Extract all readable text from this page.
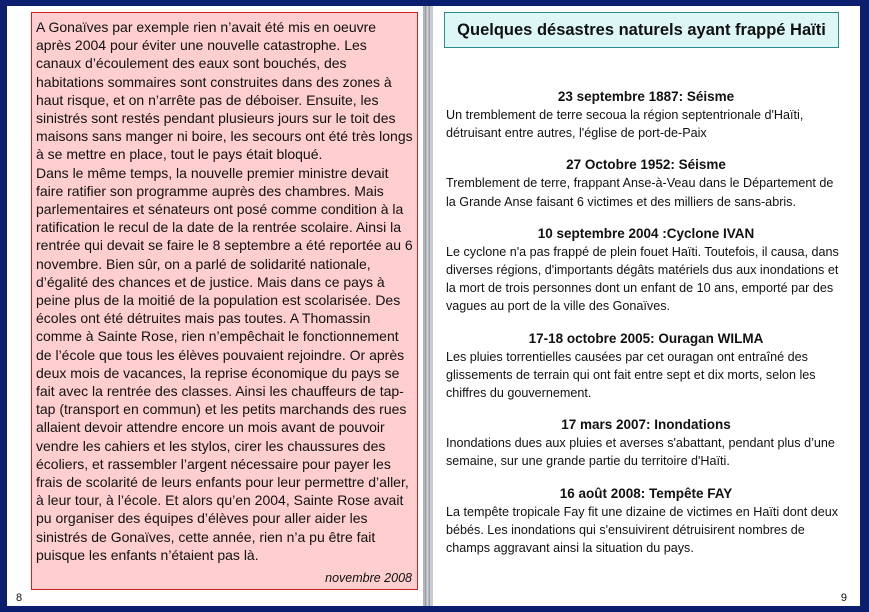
A Gonaïves par exemple rien n’avait été mis en oeuvre après 2004 pour éviter une nouvelle catastrophe. Les canaux d’écoulement des eaux sont bouchés, des habitations sommaires sont construites dans des zones à haut risque, et on n’arrête pas de déboiser. Ensuite, les sinistrés sont restés pendant plusieurs jours sur le toit des maisons sans manger ni boire, les secours ont été très longs à se mettre en place, tout le pays était bloqué.

Dans le même temps, la nouvelle premier ministre devait faire ratifier son programme auprès des chambres. Mais parlementaires et sénateurs ont posé comme condition à la ratification le recul de la date de la rentrée scolaire. Ainsi la rentrée qui devait se faire le 8 septembre a été reportée au 6 novembre. Bien sûr, on a parlé de solidarité nationale, d’égalité des chances et de justice. Mais dans ce pays à peine plus de la moitié de la population est scolarisée. Des écoles ont été détruites mais pas toutes. A Thomassin comme à Sainte Rose, rien n’empêchait le fonctionnement de l’école que tous les élèves pouvaient rejoindre. Or après deux mois de vacances, la reprise économique du pays se fait avec la rentrée des classes. Ainsi les chauffeurs de tap-tap (transport en commun) et les petits marchands des rues allaient devoir attendre encore un mois avant de pouvoir vendre les cahiers et les stylos, cirer les chaussures des écoliers, et rassembler l’argent nécessaire pour payer les frais de scolarité de leurs enfants pour leur permettre d’aller, à leur tour, à l’école. Et alors qu’en 2004, Sainte Rose avait pu organiser des équipes d’élèves pour aller aider les sinistrés de Gonaïves, cette année, rien n’a pu être fait puisque les enfants n’étaient pas là.

novembre 2008
8
Quelques désastres naturels ayant frappé Haïti
23 septembre 1887: Séisme
Un tremblement de terre secoua la région septentrionale d'Haïti, détruisant entre autres, l'église de port-de-Paix
27 Octobre 1952: Séisme
Tremblement de terre, frappant Anse-à-Veau dans le Département de la Grande Anse faisant 6 victimes et des milliers de sans-abris.
10 septembre 2004 :Cyclone IVAN
Le cyclone n'a pas frappé de plein fouet Haïti. Toutefois, il causa, dans diverses régions, d'importants dégâts matériels dus aux inondations et la mort de trois personnes dont un enfant de 10 ans, emporté par des vagues au port de la ville des Gonaïves.
17-18 octobre 2005: Ouragan WILMA
Les pluies torrentielles causées par cet ouragan ont entraîné des glissements de terrain qui ont fait entre sept et dix morts, selon les chiffres du gouvernement.
17 mars 2007: Inondations
Inondations dues aux pluies et averses s'abattant, pendant plus d’une semaine, sur une grande partie du territoire d'Haïti.
16 août 2008: Tempête FAY
La tempête tropicale Fay fit une dizaine de victimes en Haïti dont deux bébés. Les inondations qui s'ensuivirent détruisirent nombres de champs aggravant ainsi la situation du pays.
9
